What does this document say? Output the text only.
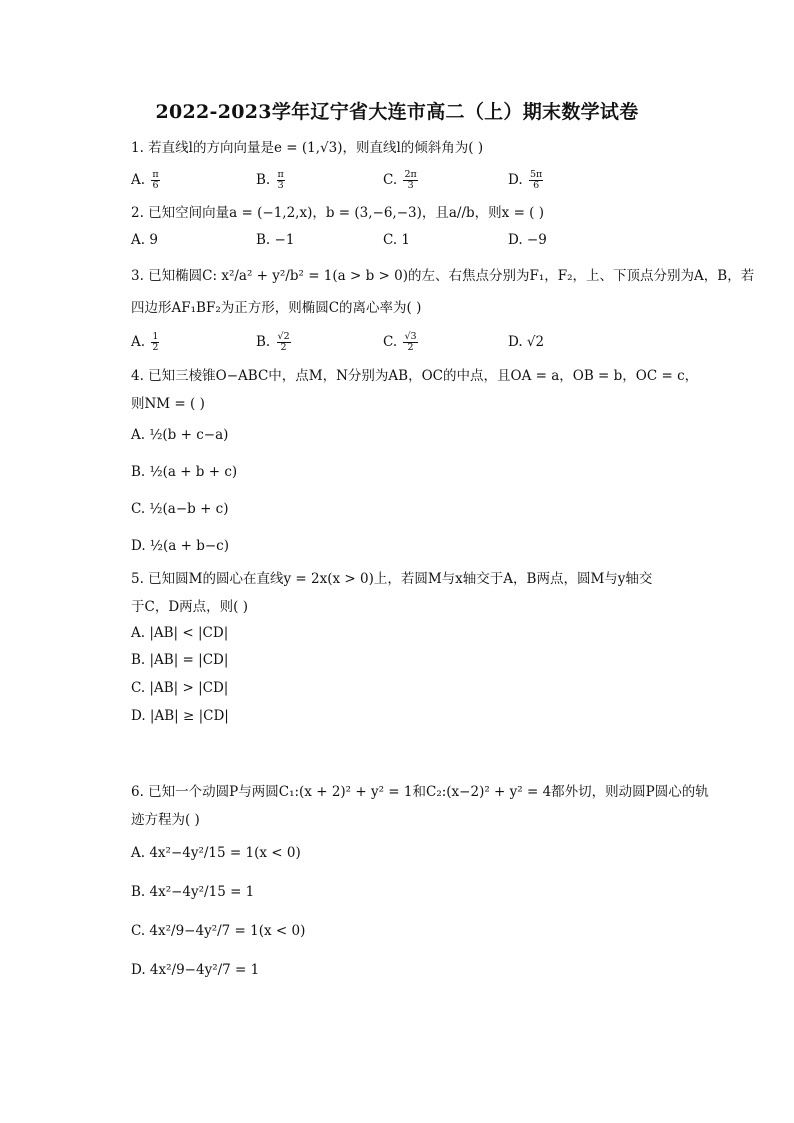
2022-2023学年辽宁省大连市高二（上）期末数学试卷
1. 若直线l的方向向量是e = (1,√3)，则直线l的倾斜角为( )
A. $\frac{\pi}{6}$	B. $\frac{\pi}{3}$	C. $\frac{2\pi}{3}$	D. $\frac{5\pi}{6}$
2. 已知空间向量a = (−1,2,x)，b = (3,−6,−3)，且a//b，则x = ( )
A. 9	B. −1	C. 1	D. −9
3. 已知椭圆C: x²/a² + y²/b² = 1(a > b > 0)的左、右焦点分别为F₁，F₂，上、下顶点分别为A，B，若
四边形AF₁BF₂为正方形，则椭圆C的离心率为( )
A. $\frac{1}{2}$	B. $\frac{√2}{2}$	C. $\frac{√3}{2}$	D. √2
4. 已知三棱锥O−ABC中，点M，N分别为AB，OC的中点，且OA = a，OB = b，OC = c，
则NM = ( )
A. ½(b + c−a)
B. ½(a + b + c)
C. ½(a−b + c)
D. ½(a + b−c)
5. 已知圆M的圆心在直线y = 2x(x > 0)上，若圆M与x轴交于A，B两点，圆M与y轴交
于C，D两点，则( )
A. |AB| < |CD|
B. |AB| = |CD|
C. |AB| > |CD|
D. |AB| ≥ |CD|
6. 已知一个动圆P与两圆C₁:(x + 2)² + y² = 1和C₂:(x−2)² + y² = 4都外切，则动圆P圆心的轨
迹方程为( )
A. 4x²−4y²/15 = 1(x < 0)
B. 4x²−4y²/15 = 1
C. 4x²/9−4y²/7 = 1(x < 0)
D. 4x²/9−4y²/7 = 1
